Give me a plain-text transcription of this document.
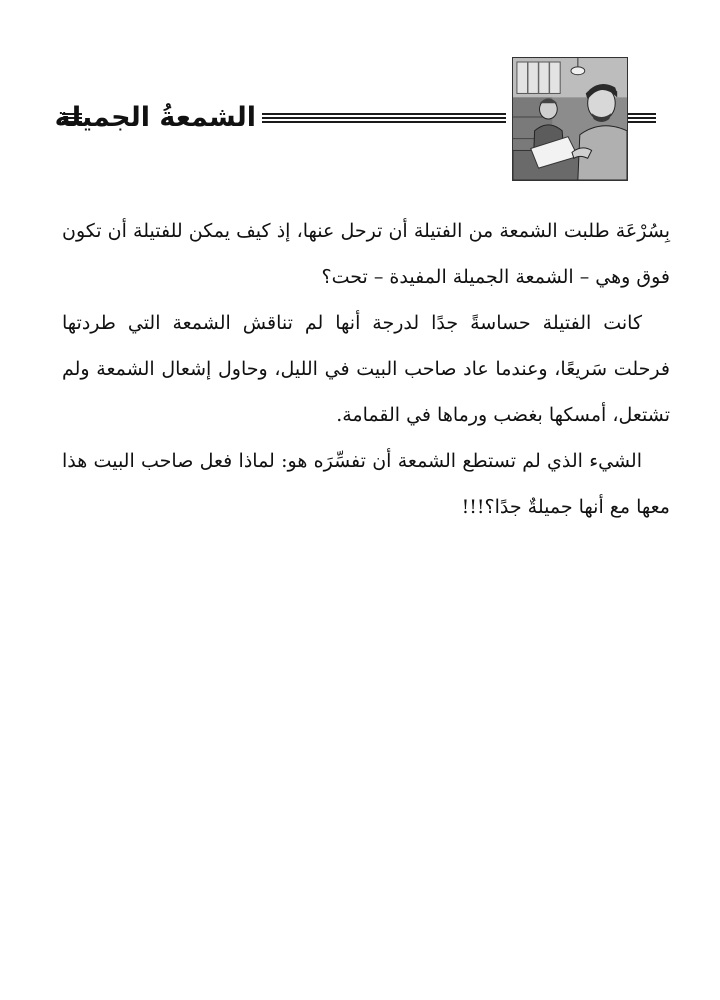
الشمعةُ الجميلة

بِسُرْعَة طلبت الشمعة من الفتيلة أن ترحل عنها، إذ كيف يمكن للفتيلة أن تكون فوق وهي – الشمعة الجميلة المفيدة – تحت؟

كانت الفتيلة حساسةً جدًا لدرجة أنها لم تناقش الشمعة التي طردتها فرحلت سَريعًا، وعندما عاد صاحب البيت في الليل، وحاول إشعال الشمعة ولم تشتعل، أمسكها بغضب ورماها في القمامة.

الشيء الذي لم تستطع الشمعة أن تفسِّرَه هو: لماذا فعل صاحب البيت هذا معها مع أنها جميلةٌ جدًا؟!!!
